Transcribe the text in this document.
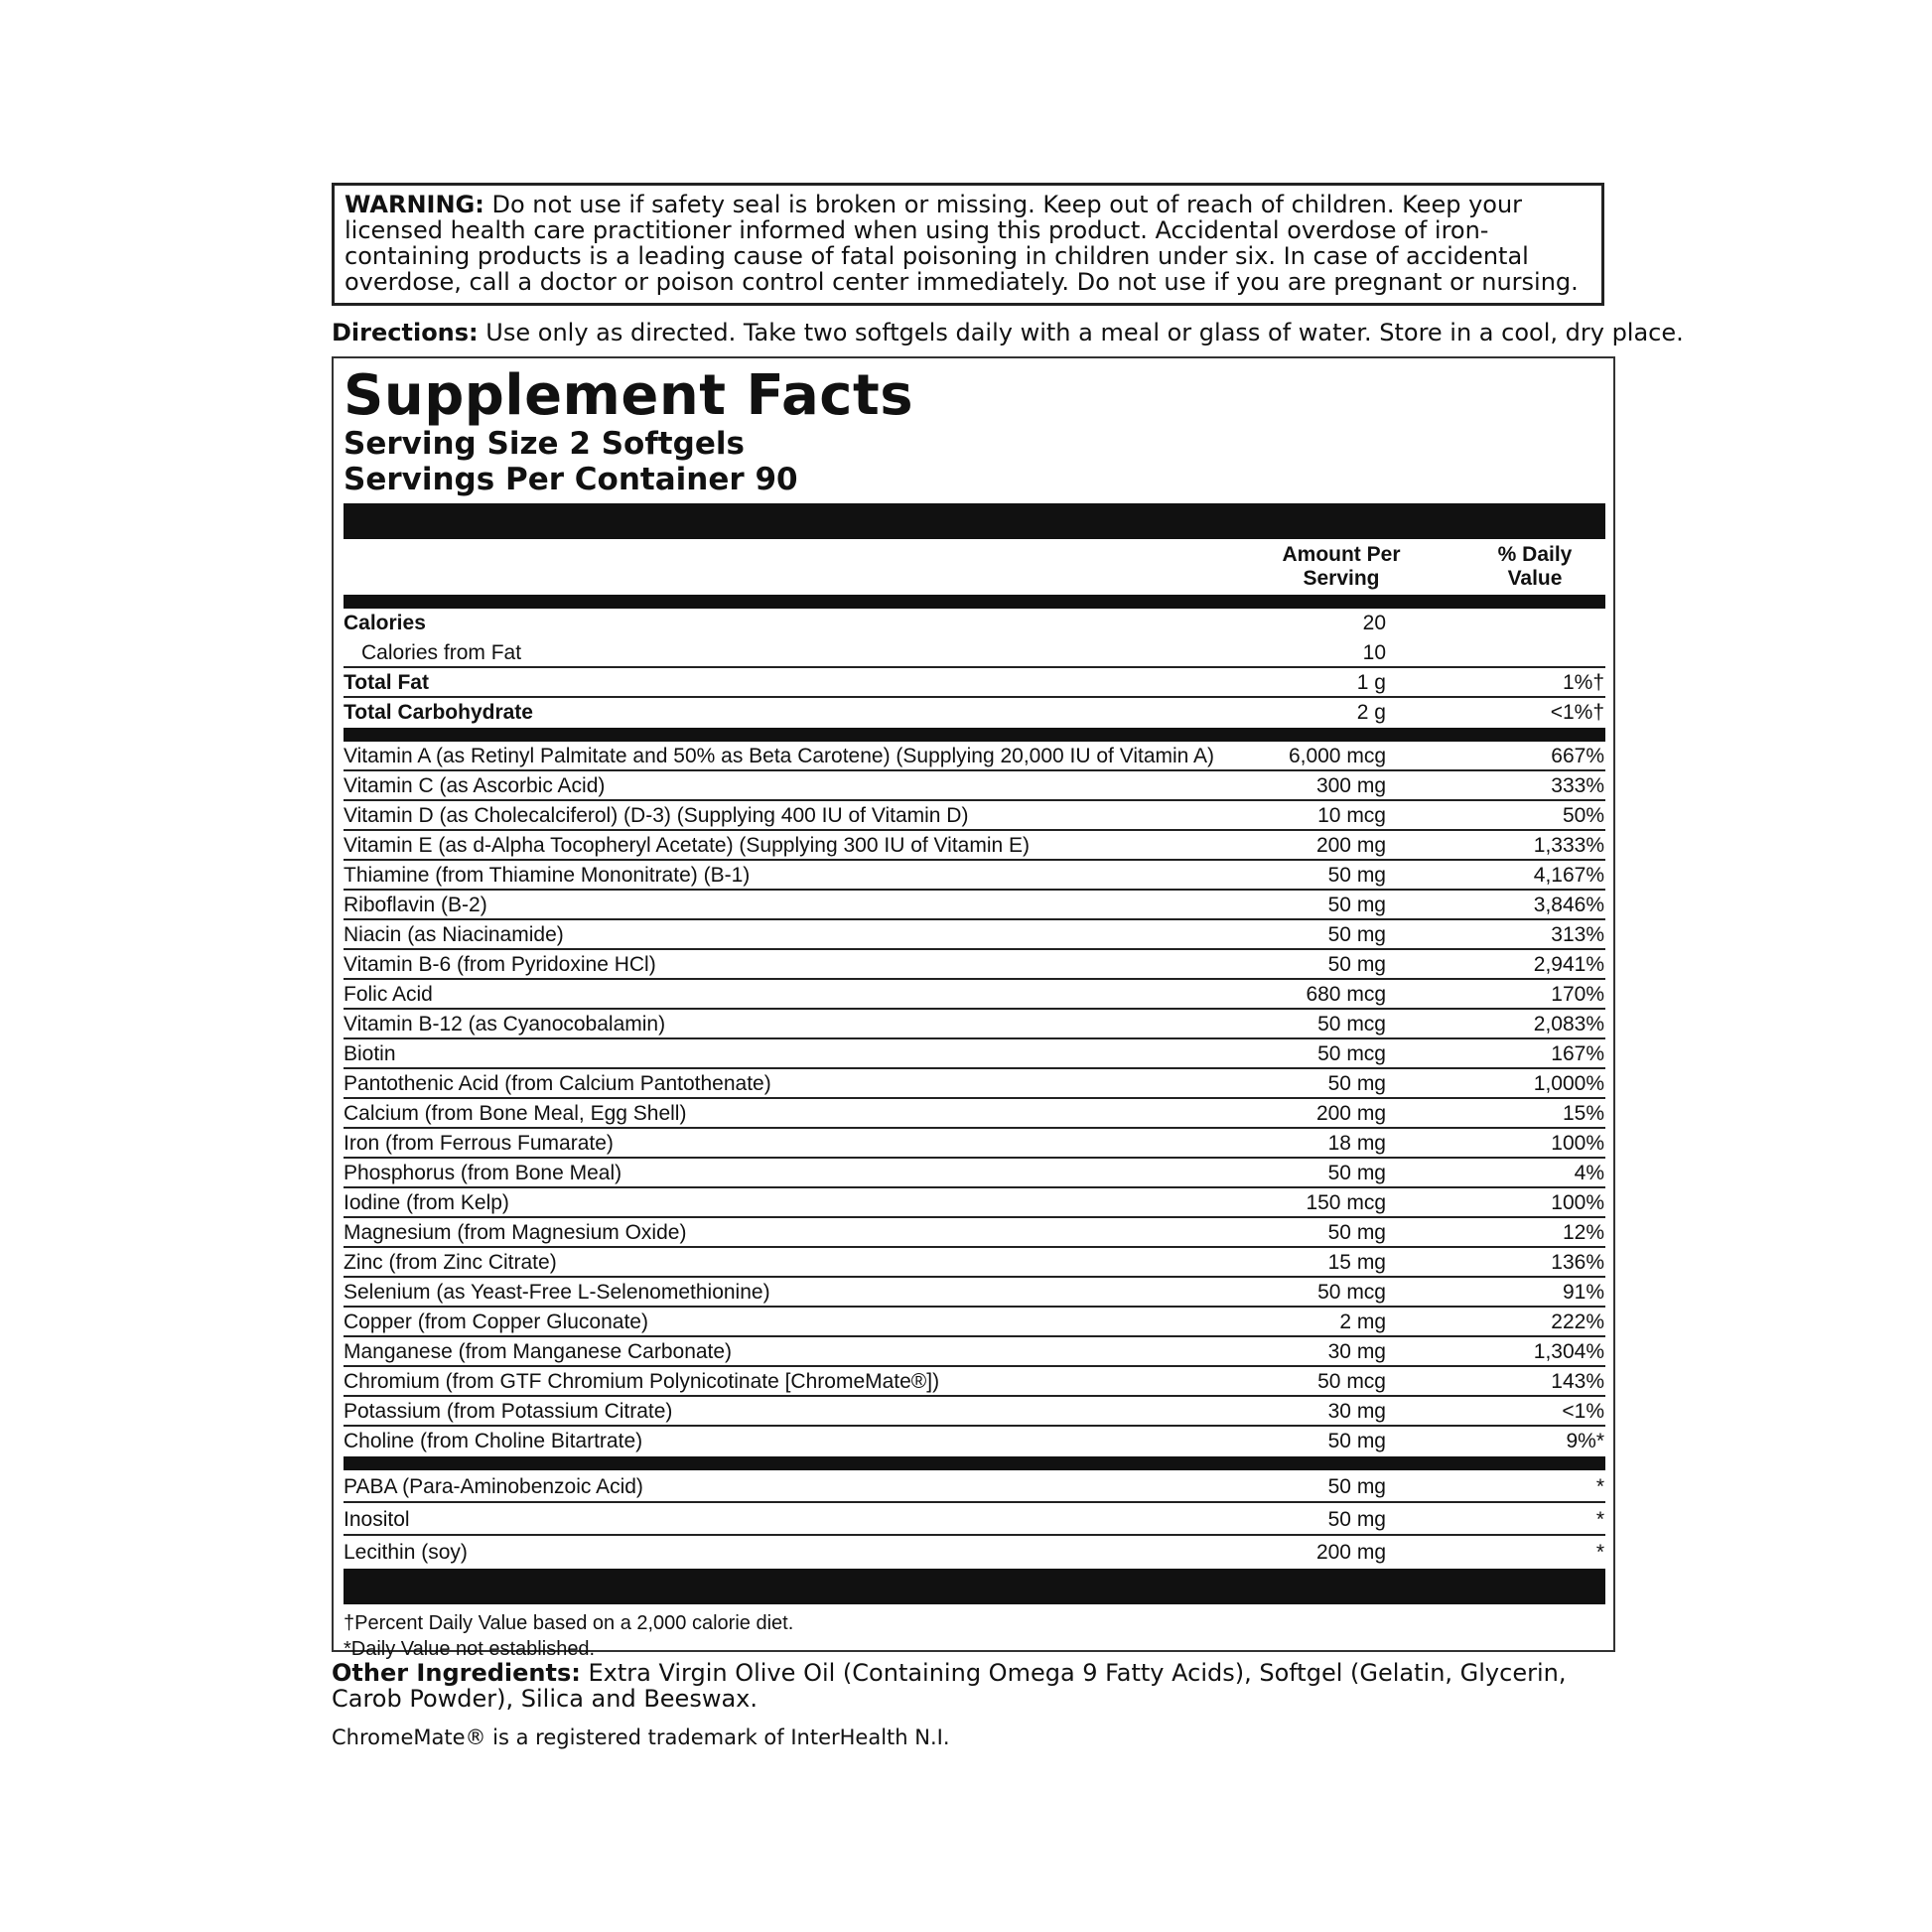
WARNING: Do not use if safety seal is broken or missing. Keep out of reach of children. Keep your licensed health care practitioner informed when using this product. Accidental overdose of iron-containing products is a leading cause of fatal poisoning in children under six. In case of accidental overdose, call a doctor or poison control center immediately. Do not use if you are pregnant or nursing.
Directions: Use only as directed. Take two softgels daily with a meal or glass of water. Store in a cool, dry place.
Supplement Facts
Serving Size 2 Softgels
Servings Per Container 90
Amount Per Serving
% Daily Value
Calories	20
Calories from Fat	10
Total Fat	1 g	1%†
Total Carbohydrate	2 g	<1%†
Vitamin A (as Retinyl Palmitate and 50% as Beta Carotene) (Supplying 20,000 IU of Vitamin A)	6,000 mcg	667%
Vitamin C (as Ascorbic Acid)	300 mg	333%
Vitamin D (as Cholecalciferol) (D-3) (Supplying 400 IU of Vitamin D)	10 mcg	50%
Vitamin E (as d-Alpha Tocopheryl Acetate) (Supplying 300 IU of Vitamin E)	200 mg	1,333%
Thiamine (from Thiamine Mononitrate) (B-1)	50 mg	4,167%
Riboflavin (B-2)	50 mg	3,846%
Niacin (as Niacinamide)	50 mg	313%
Vitamin B-6 (from Pyridoxine HCl)	50 mg	2,941%
Folic Acid	680 mcg	170%
Vitamin B-12 (as Cyanocobalamin)	50 mcg	2,083%
Biotin	50 mcg	167%
Pantothenic Acid (from Calcium Pantothenate)	50 mg	1,000%
Calcium (from Bone Meal, Egg Shell)	200 mg	15%
Iron (from Ferrous Fumarate)	18 mg	100%
Phosphorus (from Bone Meal)	50 mg	4%
Iodine (from Kelp)	150 mcg	100%
Magnesium (from Magnesium Oxide)	50 mg	12%
Zinc (from Zinc Citrate)	15 mg	136%
Selenium (as Yeast-Free L-Selenomethionine)	50 mcg	91%
Copper (from Copper Gluconate)	2 mg	222%
Manganese (from Manganese Carbonate)	30 mg	1,304%
Chromium (from GTF Chromium Polynicotinate [ChromeMate®])	50 mcg	143%
Potassium (from Potassium Citrate)	30 mg	<1%
Choline (from Choline Bitartrate)	50 mg	9%*
PABA (Para-Aminobenzoic Acid)	50 mg	*
Inositol	50 mg	*
Lecithin (soy)	200 mg	*
†Percent Daily Value based on a 2,000 calorie diet.
*Daily Value not established.
Other Ingredients: Extra Virgin Olive Oil (Containing Omega 9 Fatty Acids), Softgel (Gelatin, Glycerin, Carob Powder), Silica and Beeswax.
ChromeMate® is a registered trademark of InterHealth N.I.
